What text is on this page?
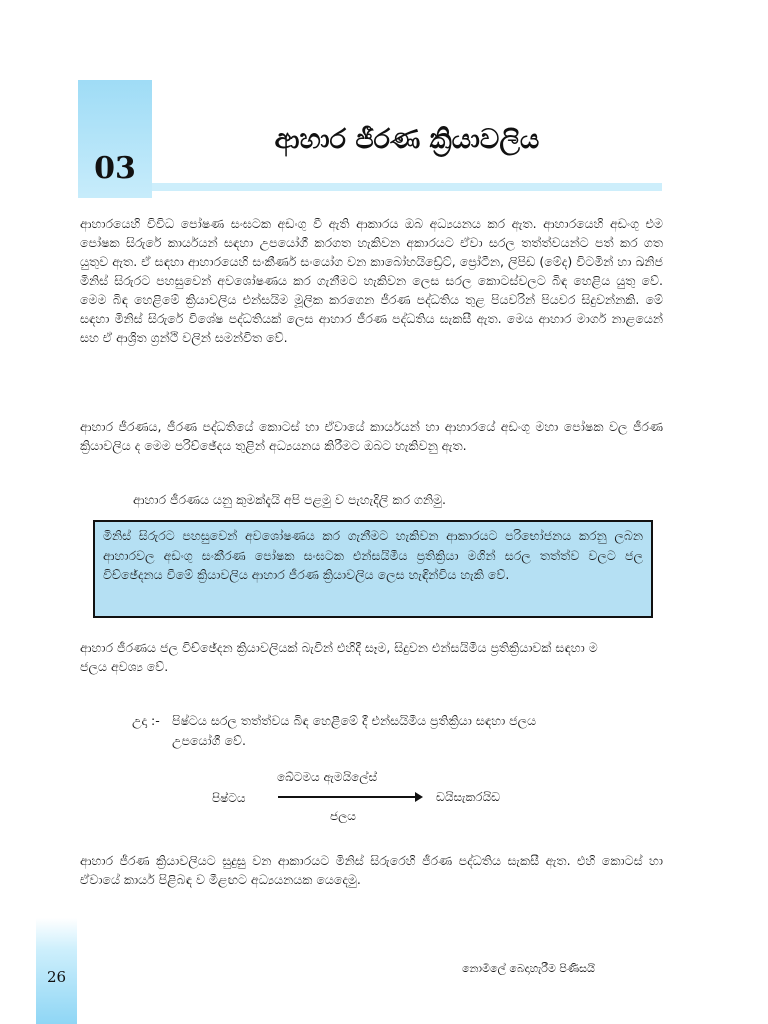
03
ආහාර ජීරණ ක්‍රියාවලිය
ආහාරයෙහි විවිධ පෝෂණ සංඝටක අඩංගු වී ඇති ආකාරය ඔබ අධ්‍යයනය කර ඇත. ආහාරයෙහි අඩංගු එම පෝෂක සිරුරේ කාර්යයන් සඳහා උපයෝගී කරගත හැකිවන අකාරයට ඒවා සරල තත්ත්වයන්ට පත් කර ගත යුතුව ඇත. ඒ සඳහා ආහාරයෙහි සංකීර්ණ සංයෝග වන කාබෝහයිඩ්‍රේට්, ප්‍රෝටීන, ලිපිඩ (මේද) විටමින් හා ඛනිජ මිනිස් සිරුරට පහසුවෙන් අවශෝෂණය කර ගැනීමට හැකිවන ලෙස සරල කොටස්වලට බිඳ හෙළිය යුතු වේ. මෙම බිඳ හෙළිමේ ක්‍රියාවලිය එන්සයිම මූලික කරගෙන ජීරණ පද්ධතිය තුළ පියවරින් පියවර සිදුවන්නකි. මේ සඳහා මිනිස් සිරුරේ විශේෂ පද්ධතියක් ලෙස ආහාර ජීරණ පද්ධතිය සැකසී ඇත. මෙය ආහාර මාර්ග නාළයෙන් සහ ඒ ආශ්‍රිත ග්‍රන්ථි වලින් සමන්විත වේ.
ආහාර ජීරණය, ජීරණ පද්ධතියේ කොටස් හා ඒවායේ කාර්යයන් හා ආහාරයේ අඩංගු මහා පෝෂක වල ජීරණ ක්‍රියාවලිය ද මෙම පරිච්ඡේදය තුළින් අධ්‍යයනය කිරීමට ඔබට හැකිවනු ඇත.
ආහාර ජීරණය යනු කුමක්දැයි අපි පළමු ව පැහැදිලි කර ගනිමු.
මිනිස් සිරුරට පහසුවෙන් අවශෝෂණය කර ගැනීමට හැකිවන ආකාරයට පරිභෝජනය කරනු ලබන ආහාරවල අඩංගු සංකීරණ පෝෂක සංඝටක එන්සයිමීය ප්‍රතික්‍රියා මගින් සරල තත්ත්ව වලට ජල විච්ඡේදනය වීමේ ක්‍රියාවලිය ආහාර ජීරණ ක්‍රියාවලිය ලෙස හැඳින්විය හැකි වේ.
ආහාර ජීරණය ජල විච්ඡේදන ක්‍රියාවලියක් බැවින් එහිදී සෑම, සිදුවන එන්සයිමීය ප්‍රතික්‍රියාවක් සඳහා ම
ජලය අවශ්‍ය වේ.
උදා :- පිෂ්ටය සරල තත්ත්වය බිඳ හෙළීමේ දී එන්සයිමීය ප්‍රතික්‍රියා සඳහා ජලය
උපයෝගී වේ.
පිෂ්ටය
ඛේටමය ඇමයිලේස්
ජලය
ඩයිසැකරයිඩ
ආහාර ජීරණ ක්‍රියාවලියට සුදුසු වන ආකාරයට මිනිස් සිරුරෙහි ජීරණ පද්ධතිය සැකසී ඇත. එහි කොටස් හා ඒවායේ කාර්ය පිළිබඳ ව මීළඟට අධ්‍යයනයක යෙදෙමු.
26	නොමිලේ බෙදාහැරීම පිණිසයි
